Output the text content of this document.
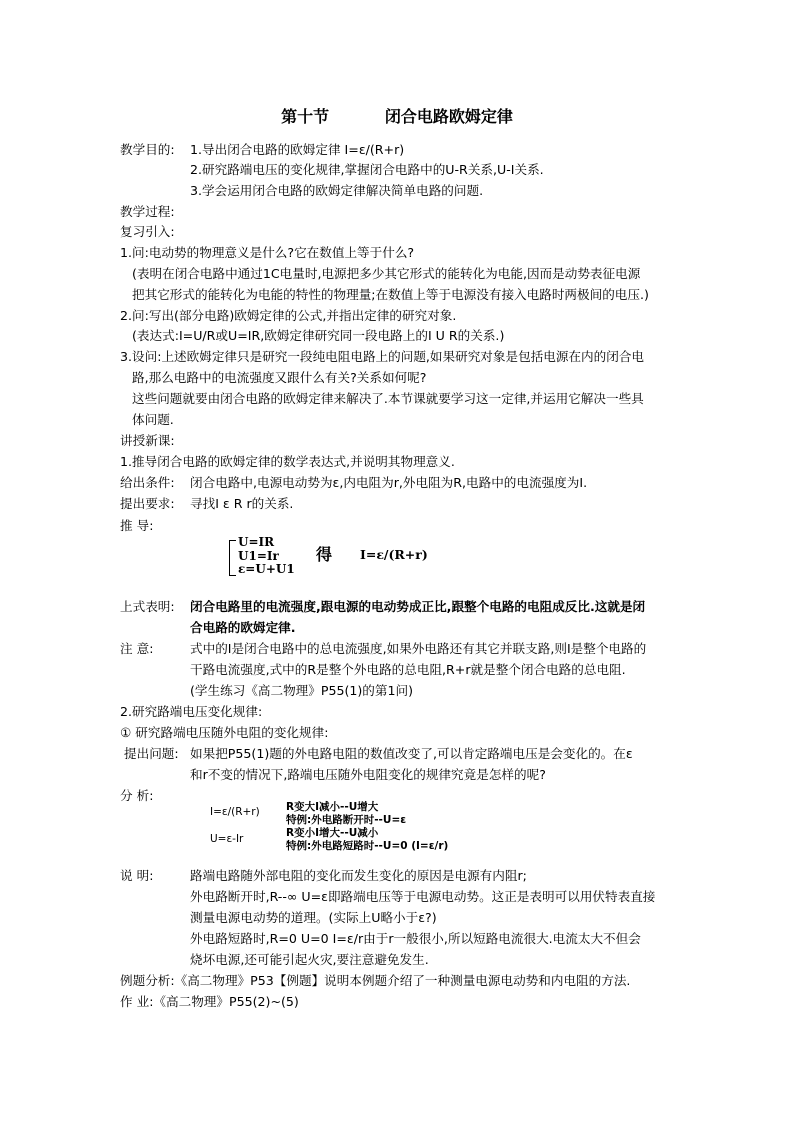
第十节          闭合电路欧姆定律
教学目的: 1.导出闭合电路的欧姆定律 I=ε/(R+r)
2.研究路端电压的变化规律,掌握闭合电路中的U-R关系,U-I关系.
3.学会运用闭合电路的欧姆定律解决简单电路的问题.
教学过程:
复习引入:
1.问:电动势的物理意义是什么?它在数值上等于什么?
(表明在闭合电路中通过1C电量时,电源把多少其它形式的能转化为电能,因而是动势表征电源
把其它形式的能转化为电能的特性的物理量;在数值上等于电源没有接入电路时两极间的电压.)
2.问:写出(部分电路)欧姆定律的公式,并指出定律的研究对象.
(表达式:I=U/R或U=IR,欧姆定律研究同一段电路上的I U R的关系.)
3.设问:上述欧姆定律只是研究一段纯电阻电路上的问题,如果研究对象是包括电源在内的闭合电
路,那么电路中的电流强度又跟什么有关?关系如何呢?
这些问题就要由闭合电路的欧姆定律来解决了.本节课就要学习这一定律,并运用它解决一些具
体问题.
讲授新课:
1.推导闭合电路的欧姆定律的数学表达式,并说明其物理意义.
给出条件: 闭合电路中,电源电动势为ε,内电阻为r,外电阻为R,电路中的电流强度为I.
提出要求: 寻找I ε R r的关系.
推 导:
U=IR
U1=Ir
ε=U+U1
得 I=ε/(R+r)
上式表明: 闭合电路里的电流强度,跟电源的电动势成正比,跟整个电路的电阻成反比.这就是闭
合电路的欧姆定律.
注 意:	式中的I是闭合电路中的总电流强度,如果外电路还有其它并联支路,则I是整个电路的
干路电流强度,式中的R是整个外电路的总电阻,R+r就是整个闭合电路的总电阻.
(学生练习《高二物理》P55(1)的第1问)
2.研究路端电压变化规律:
① 研究路端电压随外电阻的变化规律:
提出问题: 如果把P55(1)题的外电路电阻的数值改变了,可以肯定路端电压是会变化的。在ε
和r不变的情况下,路端电压随外电阻变化的规律究竟是怎样的呢?
分 析:
I=ε/(R+r)
U=ε-Ir
R变大I减小--U增大
特例:外电路断开时--U=ε
R变小I增大--U减小
特例:外电路短路时--U=0 (I=ε/r)
说 明:	路端电路随外部电阻的变化而发生变化的原因是电源有内阻r;
外电路断开时,R--∞ U=ε即路端电压等于电源电动势。这正是表明可以用伏特表直接
测量电源电动势的道理。(实际上U略小于ε?)
外电路短路时,R=0 U=0 I=ε/r由于r一般很小,所以短路电流很大.电流太大不但会
烧坏电源,还可能引起火灾,要注意避免发生.
例题分析:《高二物理》P53【例题】说明本例题介绍了一种测量电源电动势和内电阻的方法.
作 业:《高二物理》P55(2)~(5)
